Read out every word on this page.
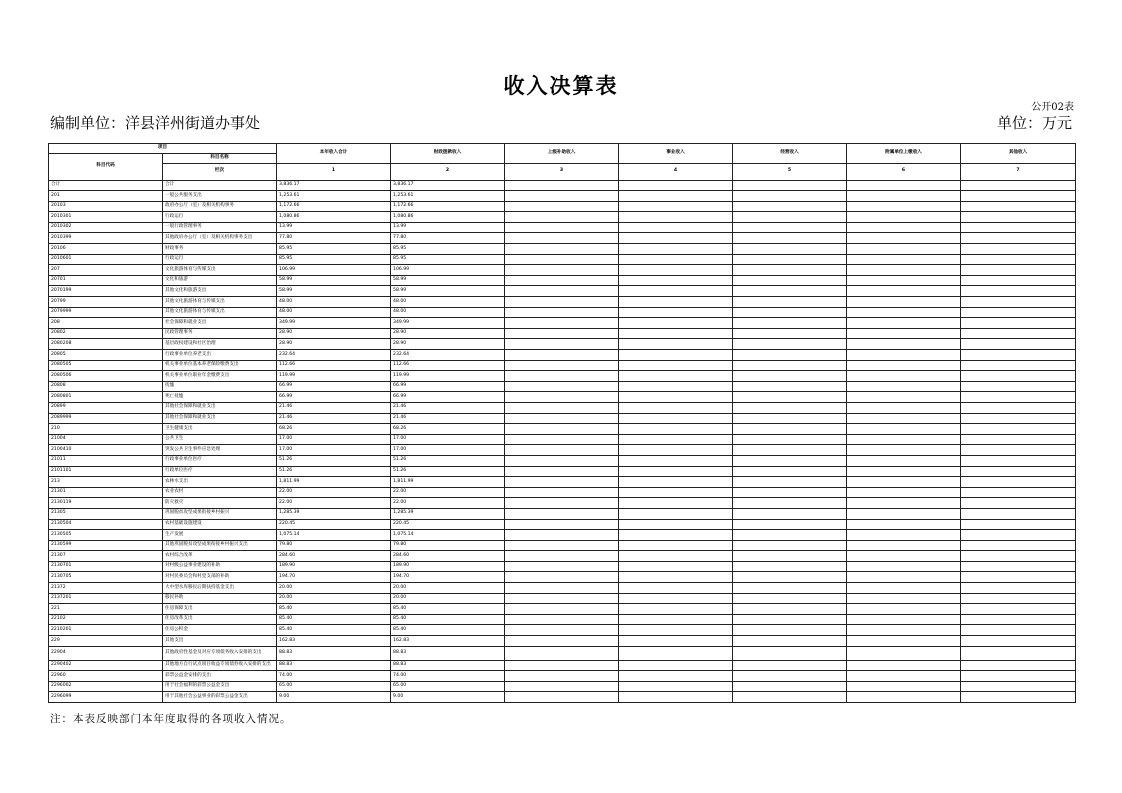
收入决算表
公开02表
编制单位：洋县洋州街道办事处	单位：万元
项目		本年收入合计	财政拨款收入	上级补助收入	事业收入	经营收入	附属单位上缴收入	其他收入
科目代码	科目名称							
	栏次	1	2	3	4	5	6	7
合计	合计	3,836.17	3,836.17					
201	一般公共服务支出	1,253.61	1,253.61					
20103	政府办公厅（室）及相关机构事务	1,172.66	1,172.66					
2010301	行政运行	1,080.86	1,080.86					
2010302	一般行政管理事务	13.99	13.99					
2010399	其他政府办公厅（室）及相关机构事务支出	77.80	77.80					
20106	财政事务	85.95	85.95					
2010601	行政运行	85.95	85.95					
207	文化旅游体育与传媒支出	106.99	106.99					
20701	文化和旅游	58.99	58.99					
2070199	其他文化和旅游支出	58.99	58.99					
20799	其他文化旅游体育与传媒支出	48.00	48.00					
2079999	其他文化旅游体育与传媒支出	48.00	48.00					
208	社会保障和就业支出	349.99	349.99					
20802	民政管理事务	28.90	28.90					
2080208	基层政权建设和社区治理	28.90	28.90					
20805	行政事业单位养老支出	232.64	232.64					
2080505	机关事业单位基本养老保险缴费支出	112.66	112.66					
2080506	机关事业单位职业年金缴费支出	119.99	119.99					
20808	抚恤	66.99	66.99					
2080801	死亡抚恤	66.99	66.99					
20899	其他社会保障和就业支出	21.46	21.46					
2089999	其他社会保障和就业支出	21.46	21.46					
210	卫生健康支出	68.26	68.26					
21004	公共卫生	17.00	17.00					
2100410	突发公共卫生事件应急处理	17.00	17.00					
21011	行政事业单位医疗	51.26	51.26					
2101101	行政单位医疗	51.26	51.26					
213	农林水支出	1,811.99	1,811.99					
21301	农业农村	22.00	22.00					
2130119	防灾救灾	22.00	22.00					
21305	巩固脱贫攻坚成果衔接乡村振兴	1,285.39	1,285.39					
2130504	农村基础设施建设	220.45	220.45					
2130505	生产发展	1,075.14	1,075.14					
2130599	其他巩固脱贫攻坚成果衔接乡村振兴支出	79.80	79.80					
21307	农村综合改革	284.60	284.60					
2130701	对村级公益事业建设的补助	189.90	189.90					
2130705	对村民委员会和村党支部的补助	194.70	194.70					
21372	大中型水库移民后期扶持基金支出	20.00	20.00					
2137201	移民补助	20.00	20.00					
221	住房保障支出	85.40	85.40					
22102	住房改革支出	85.40	85.40					
2210201	住房公积金	85.40	85.40					
229	其他支出	162.83	162.83					
22904	其他政府性基金及对应专项债务收入安排的支出	88.83	88.83					
2290402	其他地方自行试点项目收益专项债券收入安排的支出	88.83	88.83					
22960	彩票公益金安排的支出	74.00	74.00					
2296002	用于社会福利的彩票公益金支出	65.00	65.00					
2296099	用于其他社会公益事业的彩票公益金支出	9.00	9.00					
注：本表反映部门本年度取得的各项收入情况。
